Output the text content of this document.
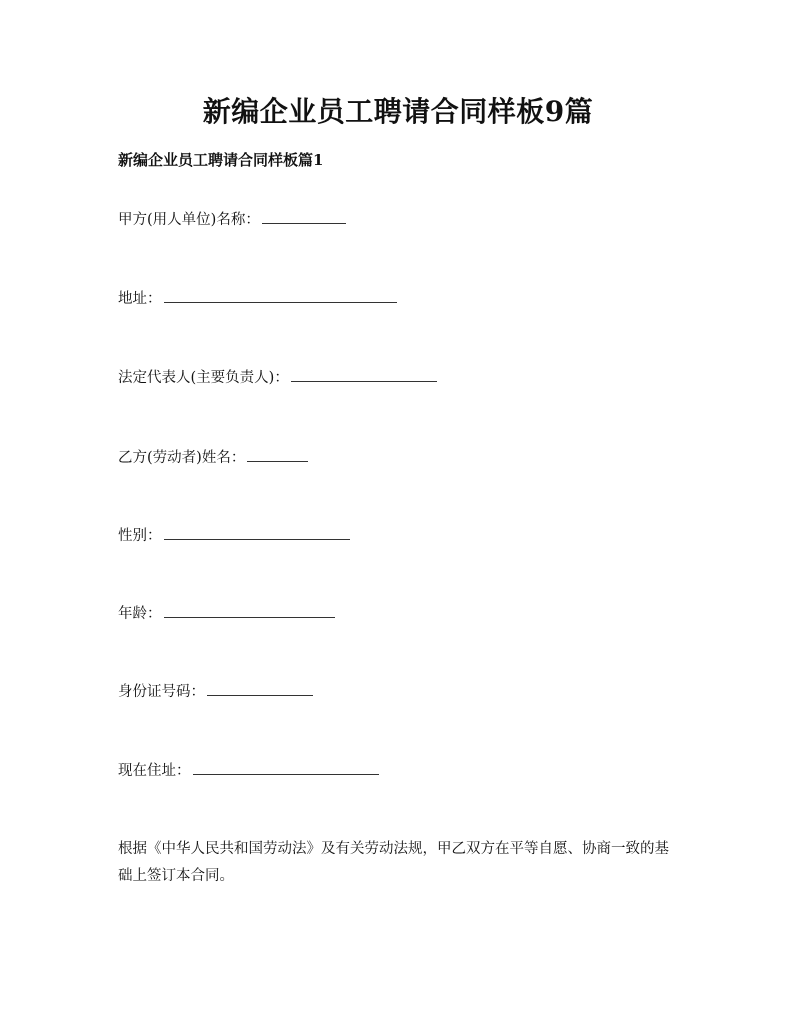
新编企业员工聘请合同样板9篇
新编企业员工聘请合同样板篇1
甲方(用人单位)名称：
地址：
法定代表人(主要负责人)：
乙方(劳动者)姓名：
性别：
年龄：
身份证号码：
现在住址：
根据《中华人民共和国劳动法》及有关劳动法规，甲乙双方在平等自愿、协商一致的基础上签订本合同。
